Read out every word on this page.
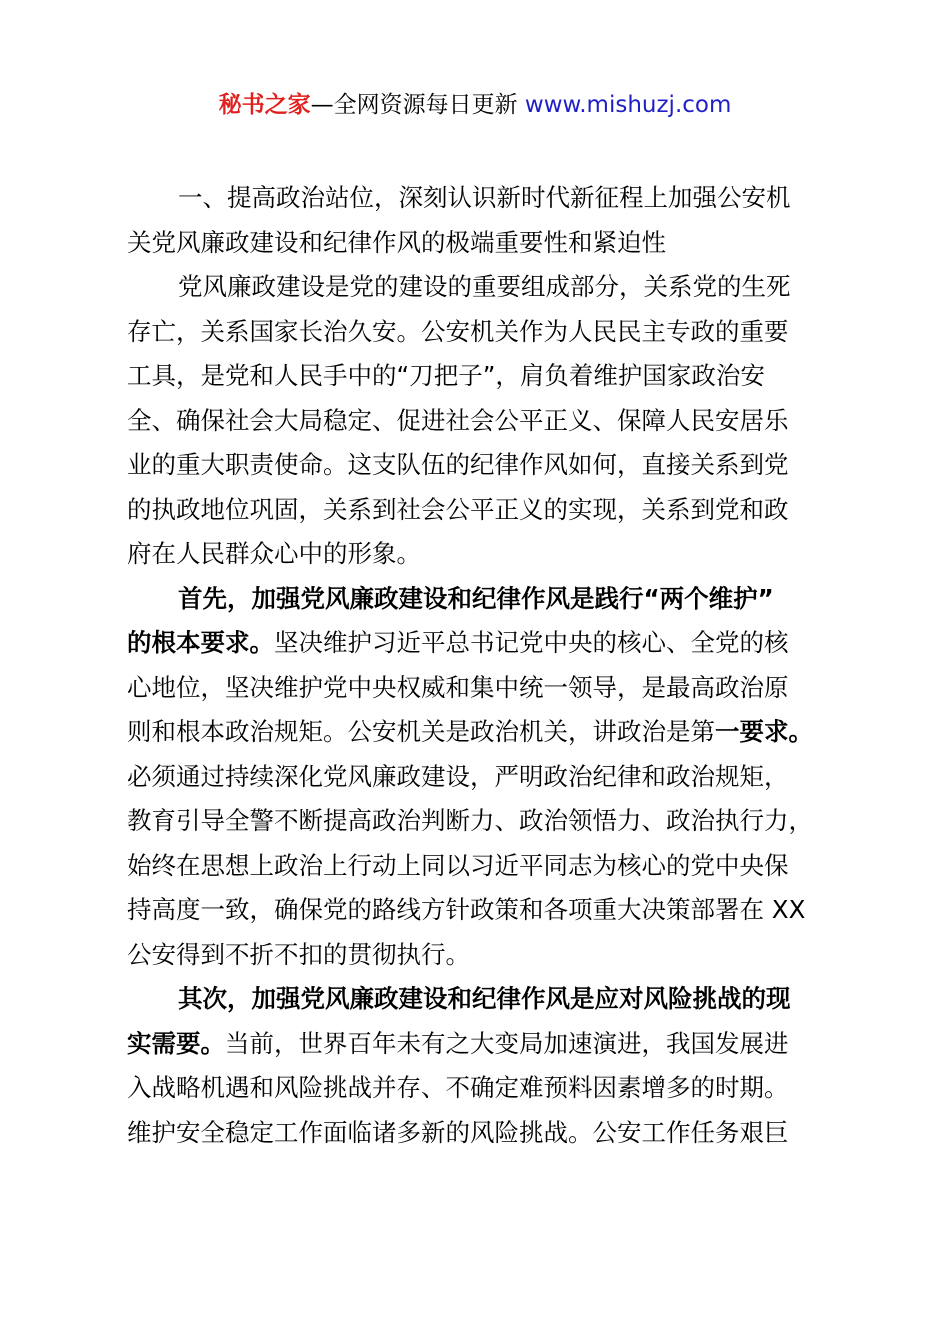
秘书之家—全网资源每日更新 www.mishuzj.com
一、提高政治站位，深刻认识新时代新征程上加强公安机
关党风廉政建设和纪律作风的极端重要性和紧迫性
党风廉政建设是党的建设的重要组成部分，关系党的生死
存亡，关系国家长治久安。公安机关作为人民民主专政的重要
工具，是党和人民手中的“刀把子”，肩负着维护国家政治安
全、确保社会大局稳定、促进社会公平正义、保障人民安居乐
业的重大职责使命。这支队伍的纪律作风如何，直接关系到党
的执政地位巩固，关系到社会公平正义的实现，关系到党和政
府在人民群众心中的形象。
首先，加强党风廉政建设和纪律作风是践行“两个维护”
的根本要求。坚决维护习近平总书记党中央的核心、全党的核
心地位，坚决维护党中央权威和集中统一领导，是最高政治原
则和根本政治规矩。公安机关是政治机关，讲政治是第一要求。
必须通过持续深化党风廉政建设，严明政治纪律和政治规矩，
教育引导全警不断提高政治判断力、政治领悟力、政治执行力，
始终在思想上政治上行动上同以习近平同志为核心的党中央保
持高度一致，确保党的路线方针政策和各项重大决策部署在 XX
公安得到不折不扣的贯彻执行。
其次，加强党风廉政建设和纪律作风是应对风险挑战的现
实需要。当前，世界百年未有之大变局加速演进，我国发展进
入战略机遇和风险挑战并存、不确定难预料因素增多的时期。
维护安全稳定工作面临诸多新的风险挑战。公安工作任务艰巨
